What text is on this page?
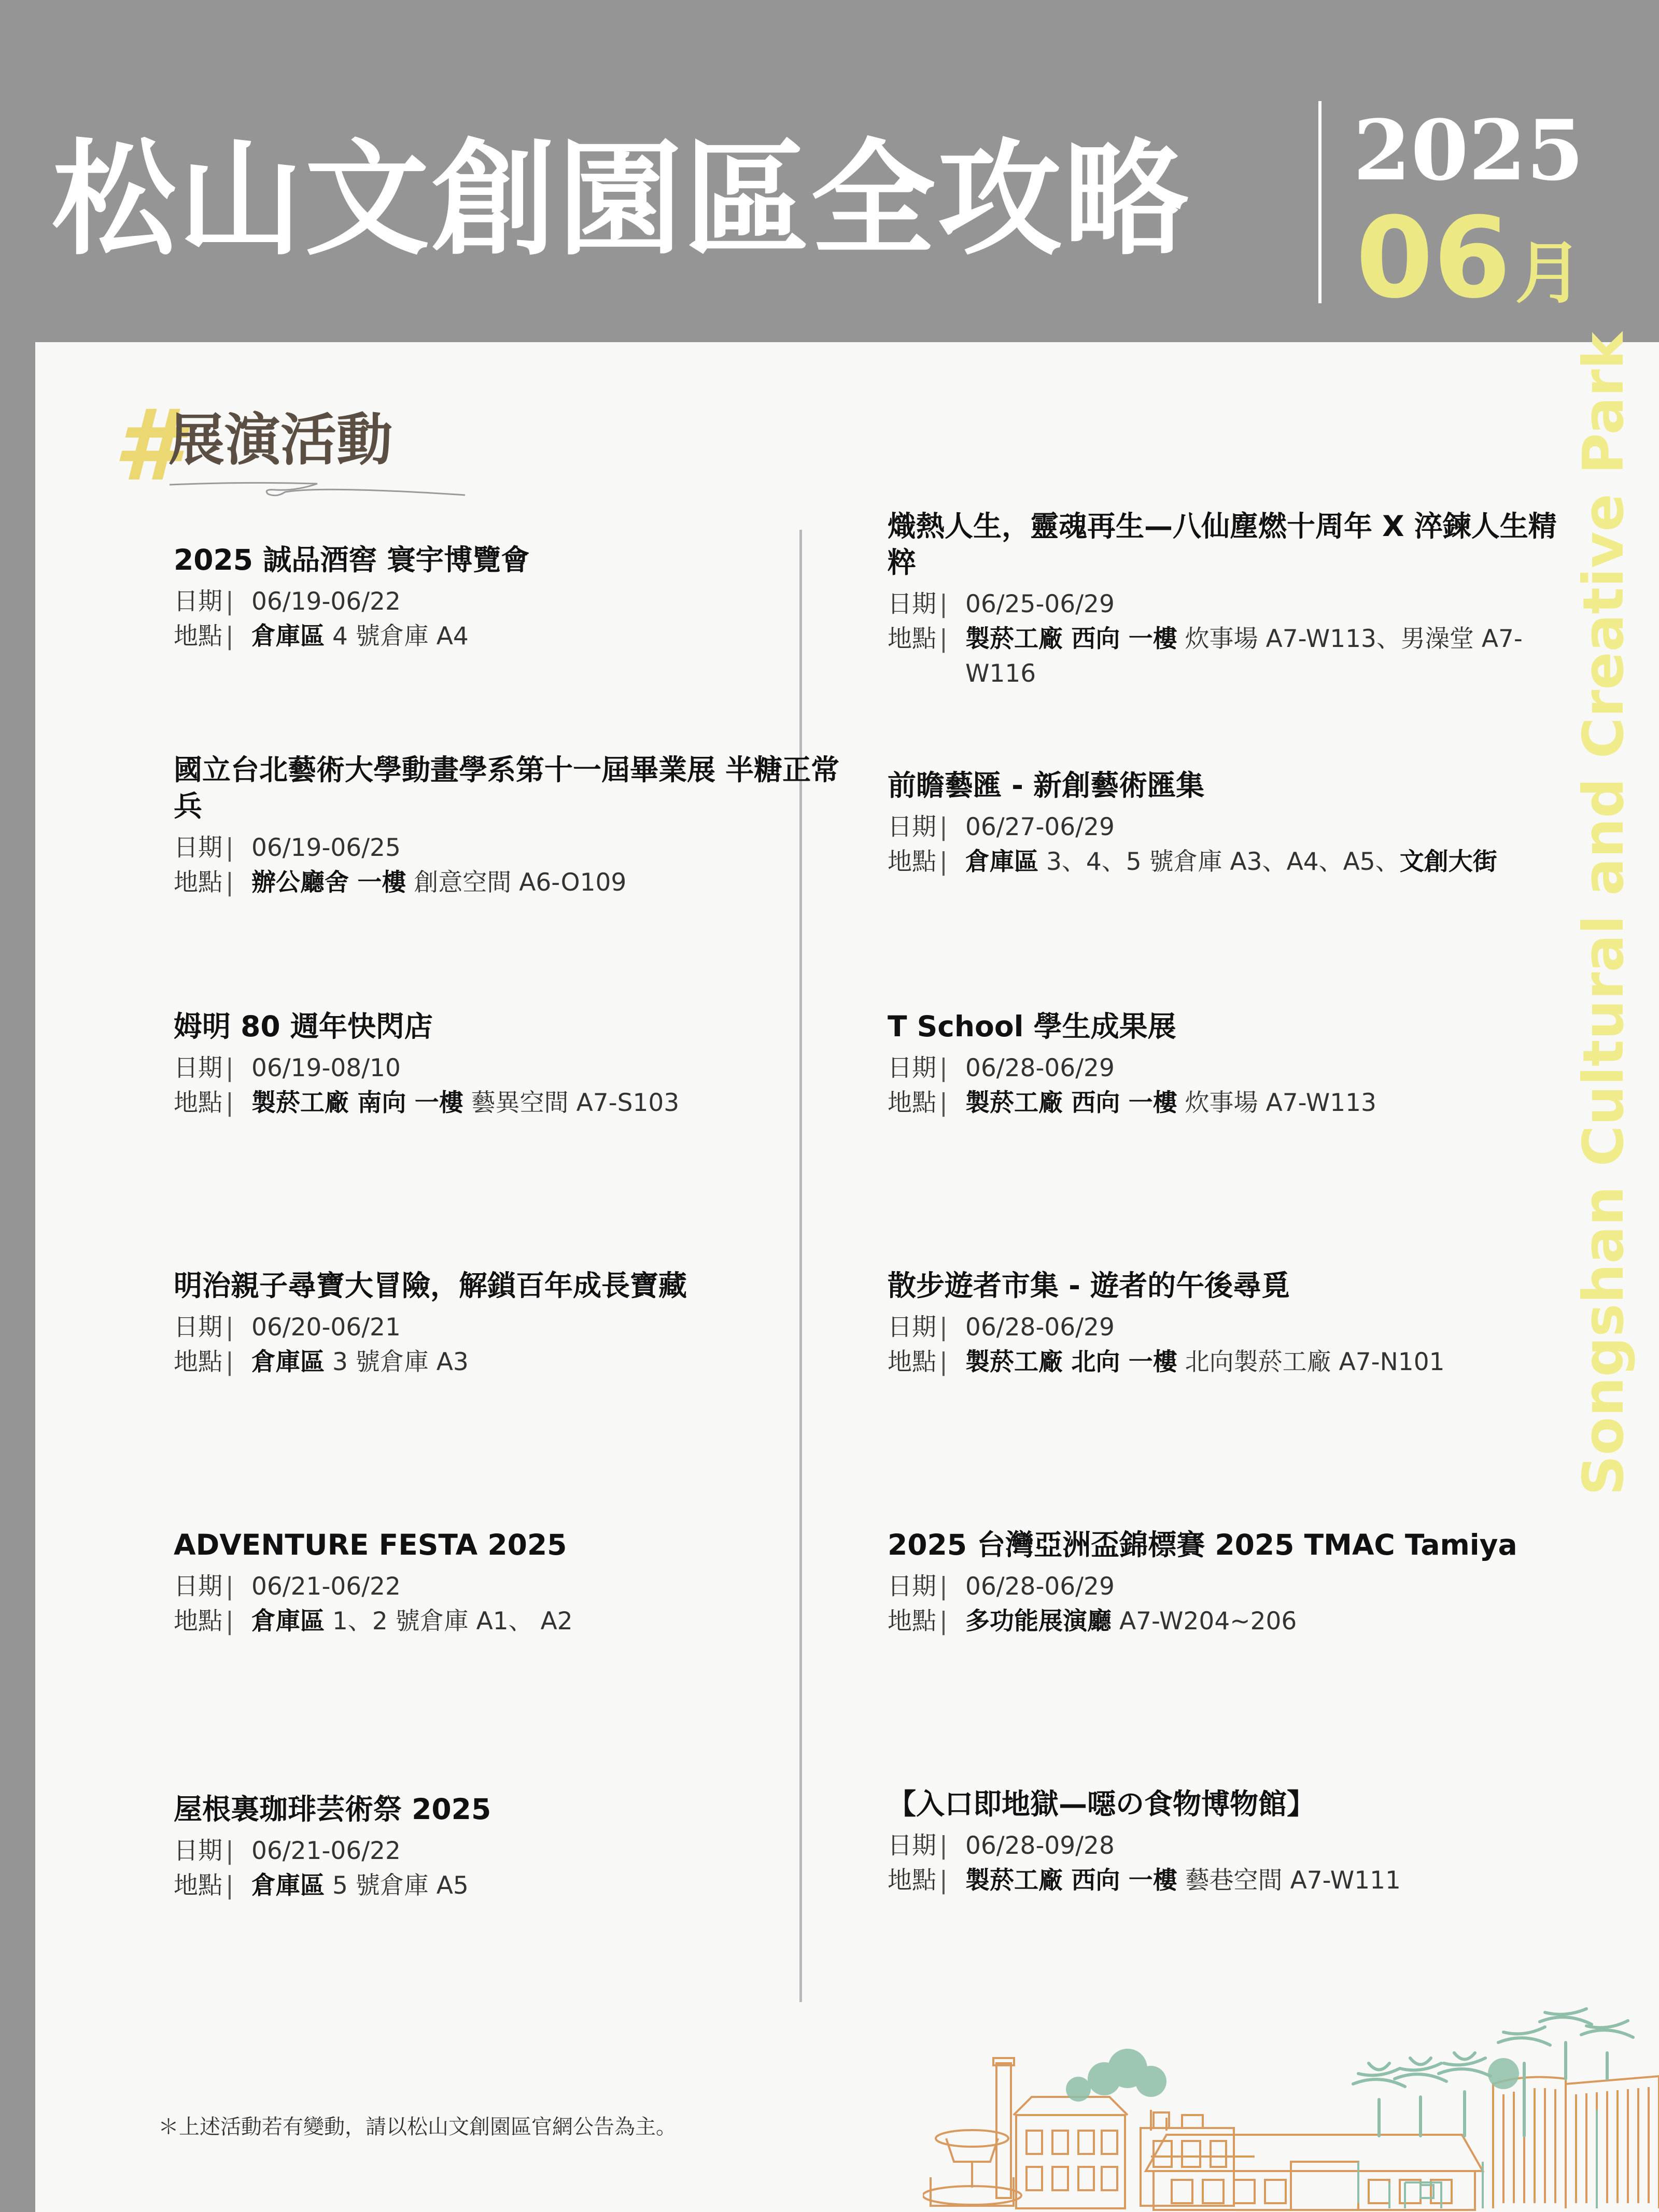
松山文創園區全攻略 2025
06月
Songshan Cultural and Creative Park
#
展演活動

2025 誠品酒窖 寰宇博覽會

日期 | 06/19-06/22
地點 | 倉庫區 4 號倉庫 A4

國立台北藝術大學動畫學系第十一屆畢業展 半糖正常兵

日期 | 06/19-06/25
地點 | 辦公廳舍 一樓 創意空間 A6-O109

姆明 80 週年快閃店

日期 | 06/19-08/10
地點 | 製菸工廠 南向 一樓 藝異空間 A7-S103

明治親子尋寶大冒險，解鎖百年成長寶藏

日期 | 06/20-06/21
地點 | 倉庫區 3 號倉庫 A3

ADVENTURE FESTA 2025

日期 | 06/21-06/22
地點 | 倉庫區 1、2 號倉庫 A1、 A2

屋根裏珈琲芸術祭 2025

日期 | 06/21-06/22
地點 | 倉庫區 5 號倉庫 A5

熾熱人生，靈魂再生—八仙塵燃十周年 X 淬鍊人生精粹

日期 | 06/25-06/29
地點 | 製菸工廠 西向 一樓 炊事場 A7-W113、男澡堂 A7-W116

前瞻藝匯 - 新創藝術匯集

日期 | 06/27-06/29
地點 | 倉庫區 3、4、5 號倉庫 A3、A4、A5、文創大街

T School 學生成果展

日期 | 06/28-06/29
地點 | 製菸工廠 西向 一樓 炊事場 A7-W113

散步遊者市集 - 遊者的午後尋覓

日期 | 06/28-06/29
地點 | 製菸工廠 北向 一樓 北向製菸工廠 A7-N101

2025 台灣亞洲盃錦標賽 2025 TMAC Tamiya

日期 | 06/28-06/29
地點 | 多功能展演廳 A7-W204~206

【入口即地獄—噁の食物博物館】

日期 | 06/28-09/28
地點 | 製菸工廠 西向 一樓 藝巷空間 A7-W111
＊上述活動若有變動，請以松山文創園區官網公告為主。
